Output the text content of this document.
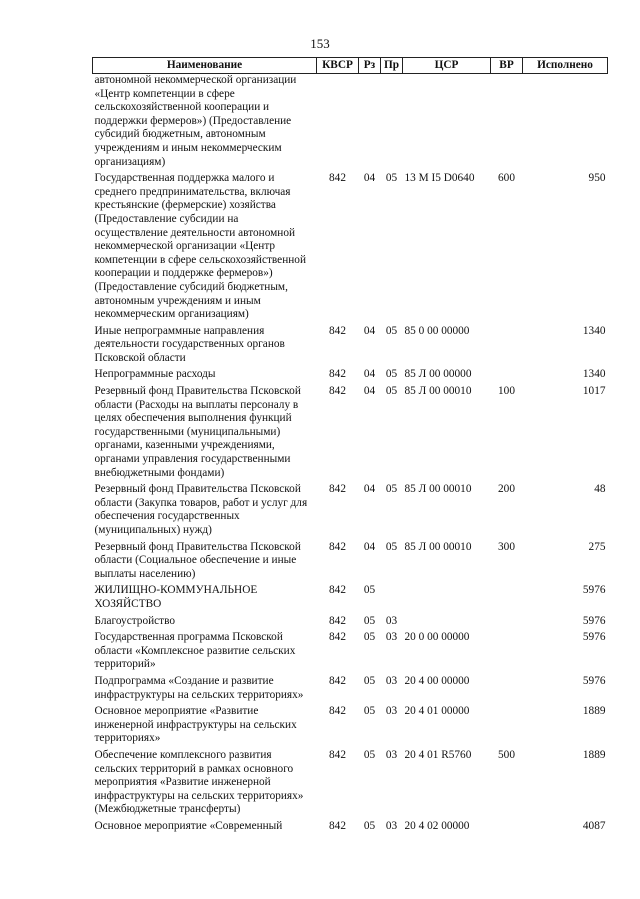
153
Наименование	КВСР	Рз	Пр	ЦСР	ВР	Исполнено
автономной некоммерческой организации «Центр компетенции в сфере сельскохозяйственной кооперации и поддержки фермеров») (Предоставление субсидий бюджетным, автономным учреждениям и иным некоммерческим организациям)						
Государственная поддержка малого и среднего предпринимательства, включая крестьянские (фермерские) хозяйства (Предоставление субсидии на осуществление деятельности автономной некоммерческой организации «Центр компетенции в сфере сельскохозяйственной кооперации и поддержке фермеров») (Предоставление субсидий бюджетным, автономным учреждениям и иным некоммерческим организациям)	842	04	05	13 М I5 D0640	600	950
Иные непрограммные направления деятельности государственных органов Псковской области	842	04	05	85 0 00 00000		1340
Непрограммные расходы	842	04	05	85 Л 00 00000		1340
Резервный фонд Правительства Псковской области (Расходы на выплаты персоналу в целях обеспечения выполнения функций государственными (муниципальными) органами, казенными учреждениями, органами управления государственными внебюджетными фондами)	842	04	05	85 Л 00 00010	100	1017
Резервный фонд Правительства Псковской области (Закупка товаров, работ и услуг для обеспечения государственных (муниципальных) нужд)	842	04	05	85 Л 00 00010	200	48
Резервный фонд Правительства Псковской области (Социальное обеспечение и иные выплаты населению)	842	04	05	85 Л 00 00010	300	275
ЖИЛИЩНО-КОММУНАЛЬНОЕ ХОЗЯЙСТВО	842	05				5976
Благоустройство	842	05	03			5976
Государственная программа Псковской области «Комплексное развитие сельских территорий»	842	05	03	20 0 00 00000		5976
Подпрограмма «Создание и развитие инфраструктуры на сельских территориях»	842	05	03	20 4 00 00000		5976
Основное мероприятие «Развитие инженерной инфраструктуры на сельских территориях»	842	05	03	20 4 01 00000		1889
Обеспечение комплексного развития сельских территорий в рамках основного мероприятия «Развитие инженерной инфраструктуры на сельских территориях» (Межбюджетные трансферты)	842	05	03	20 4 01 R5760	500	1889
Основное мероприятие «Современный	842	05	03	20 4 02 00000		4087
